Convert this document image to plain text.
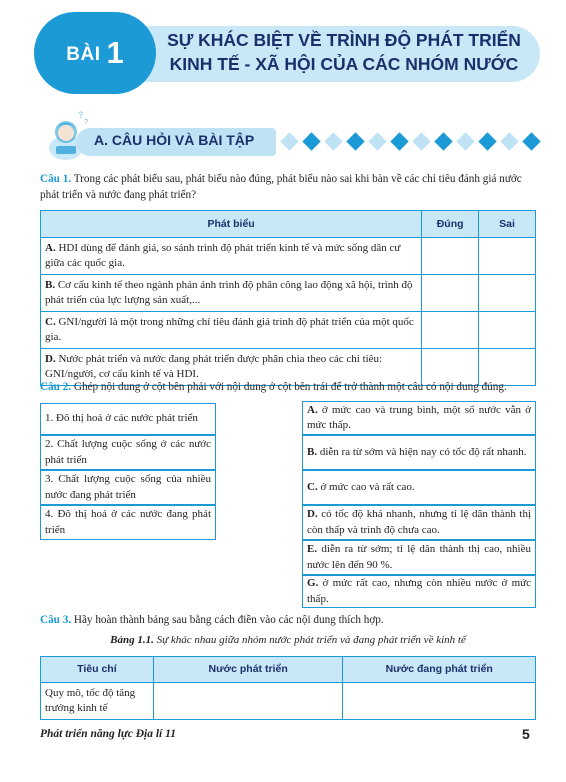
BÀI 1	SỰ KHÁC BIỆT VỀ TRÌNH ĐỘ PHÁT TRIỂN
KINH TẾ - XÃ HỘI CỦA CÁC NHÓM NƯỚC
?
?
A. CÂU HỎI VÀ BÀI TẬP

Câu 1. Trong các phát biểu sau, phát biểu nào đúng, phát biểu nào sai khi bàn về các chỉ tiêu đánh giá nước phát triển và nước đang phát triển?

Phát biểu	Đúng	Sai
A. HDI dùng để đánh giá, so sánh trình độ phát triển kinh tế và mức sống dân cư giữa các quốc gia.		
B. Cơ cấu kinh tế theo ngành phản ánh trình độ phân công lao động xã hội, trình độ phát triển của lực lượng sản xuất,...		
C. GNI/người là một trong những chỉ tiêu đánh giá trình độ phát triển của một quốc gia.		
D. Nước phát triển và nước đang phát triển được phân chia theo các chỉ tiêu: GNI/người, cơ cấu kinh tế và HDI.		

Câu 2. Ghép nội dung ở cột bên phải với nội dung ở cột bên trái để trở thành một câu có nội dung đúng.

1. Đô thị hoá ở các nước phát triển
2. Chất lượng cuộc sống ở các nước phát triển
3. Chất lượng cuộc sống của nhiều nước đang phát triển
4. Đô thị hoá ở các nước đang phát triển
A. ở mức cao và trung bình, một số nước vẫn ở mức thấp.
B. diễn ra từ sớm và hiện nay có tốc độ rất nhanh.
C. ở mức cao và rất cao.
D. có tốc độ khá nhanh, nhưng tỉ lệ dân thành thị còn thấp và trình độ chưa cao.
E. diễn ra từ sớm; tỉ lệ dân thành thị cao, nhiều nước lên đến 90 %.
G. ở mức rất cao, nhưng còn nhiều nước ở mức thấp.

Câu 3. Hãy hoàn thành bảng sau bằng cách điền vào các nội dung thích hợp.

Bảng 1.1. Sự khác nhau giữa nhóm nước phát triển và đang phát triển về kinh tế
Tiêu chí	Nước phát triển	Nước đang phát triển
Quy mô, tốc độ tăng trưởng kinh tế		
Phát triển năng lực Địa lí 11	5
